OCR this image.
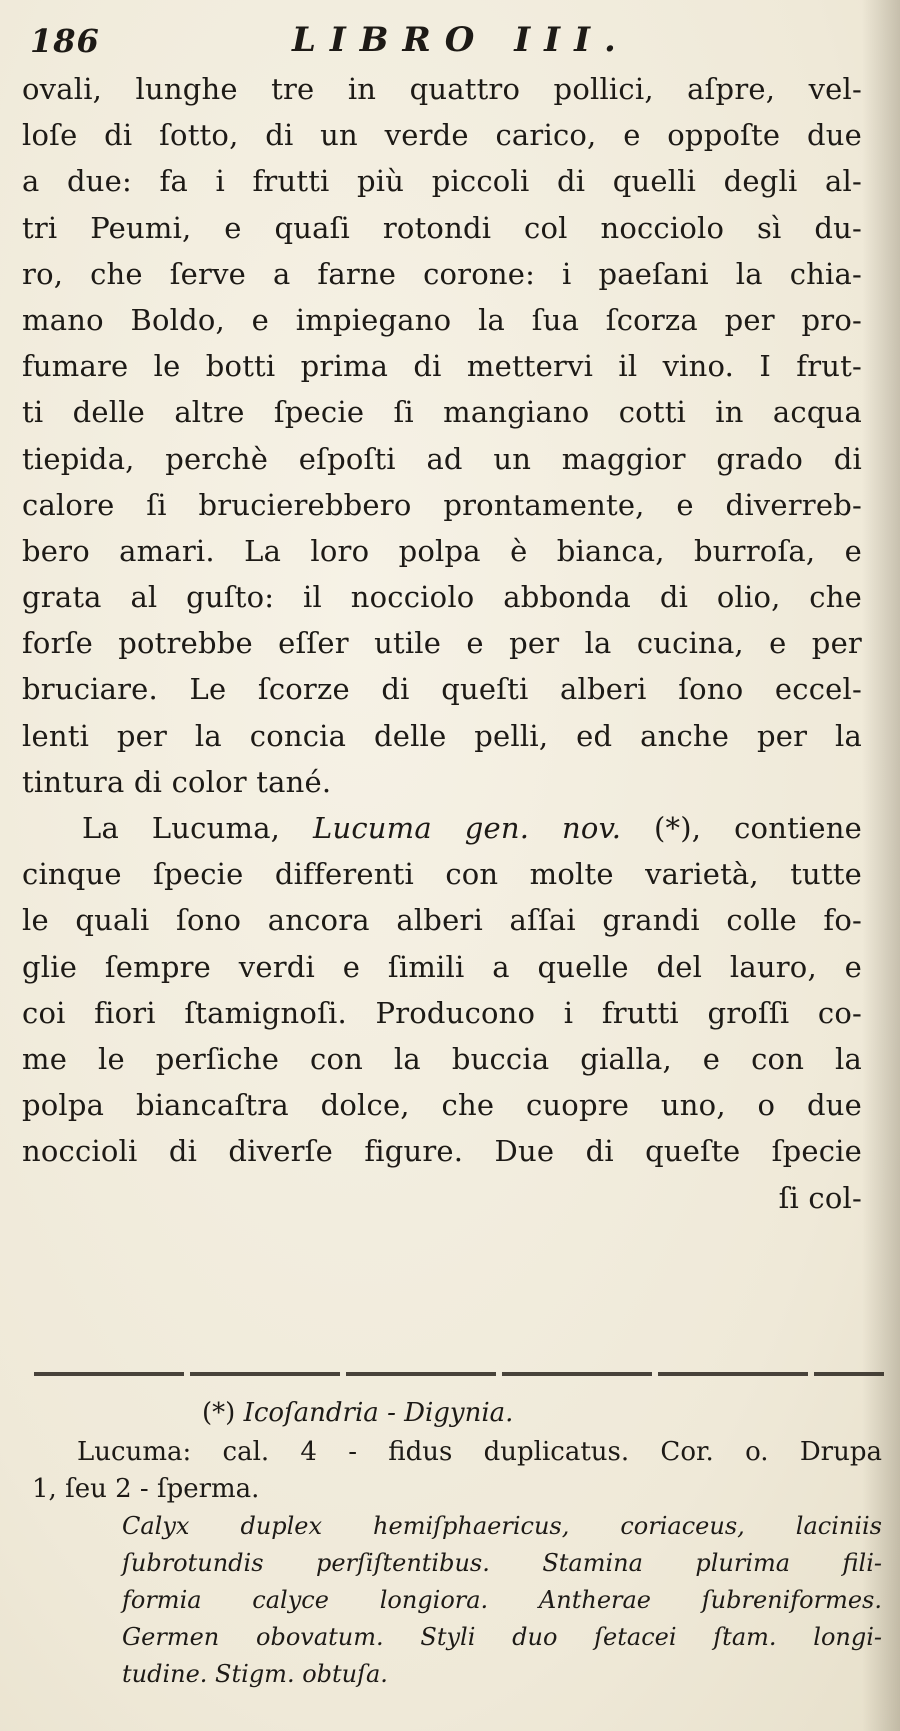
186	LIBRO III.
ovali, lunghe tre in quattro pollici, aſpre, vel-
loſe di ſotto, di un verde carico, e oppoſte due
a due: fa i frutti più piccoli di quelli degli al-
tri Peumi, e quaſi rotondi col nocciolo sì du-
ro, che ſerve a farne corone: i paeſani la chia-
mano Boldo, e impiegano la ſua ſcorza per pro-
fumare le botti prima di mettervi il vino. I frut-
ti delle altre ſpecie ſi mangiano cotti in acqua
tiepida, perchè eſpoſti ad un maggior grado di
calore ſi brucierebbero prontamente, e diverreb-
bero amari. La loro polpa è bianca, burroſa, e
grata al guſto: il nocciolo abbonda di olio, che
forſe potrebbe eſſer utile e per la cucina, e per
bruciare. Le ſcorze di queſti alberi ſono eccel-
lenti per la concia delle pelli, ed anche per la
tintura di color tané.
La Lucuma, Lucuma gen. nov. (*), contiene
cinque ſpecie differenti con molte varietà, tutte
le quali ſono ancora alberi aſſai grandi colle fo-
glie ſempre verdi e ſimili a quelle del lauro, e
coi fiori ſtamignoſi. Producono i frutti groſſi co-
me le perſiche con la buccia gialla, e con la
polpa biancaſtra dolce, che cuopre uno, o due
noccioli di diverſe figure. Due di queſte ſpecie
ſi col-
(*) Icoſandria - Digynia.
Lucuma: cal. 4 - fidus duplicatus. Cor. o. Drupa
1, ſeu 2 - ſperma.
Calyx duplex hemiſphaericus, coriaceus, laciniis
ſubrotundis perſiſtentibus. Stamina plurima fili-
formia calyce longiora. Antherae ſubreniformes.
Germen obovatum. Styli duo ſetacei ſtam. longi-
tudine. Stigm. obtuſa.
